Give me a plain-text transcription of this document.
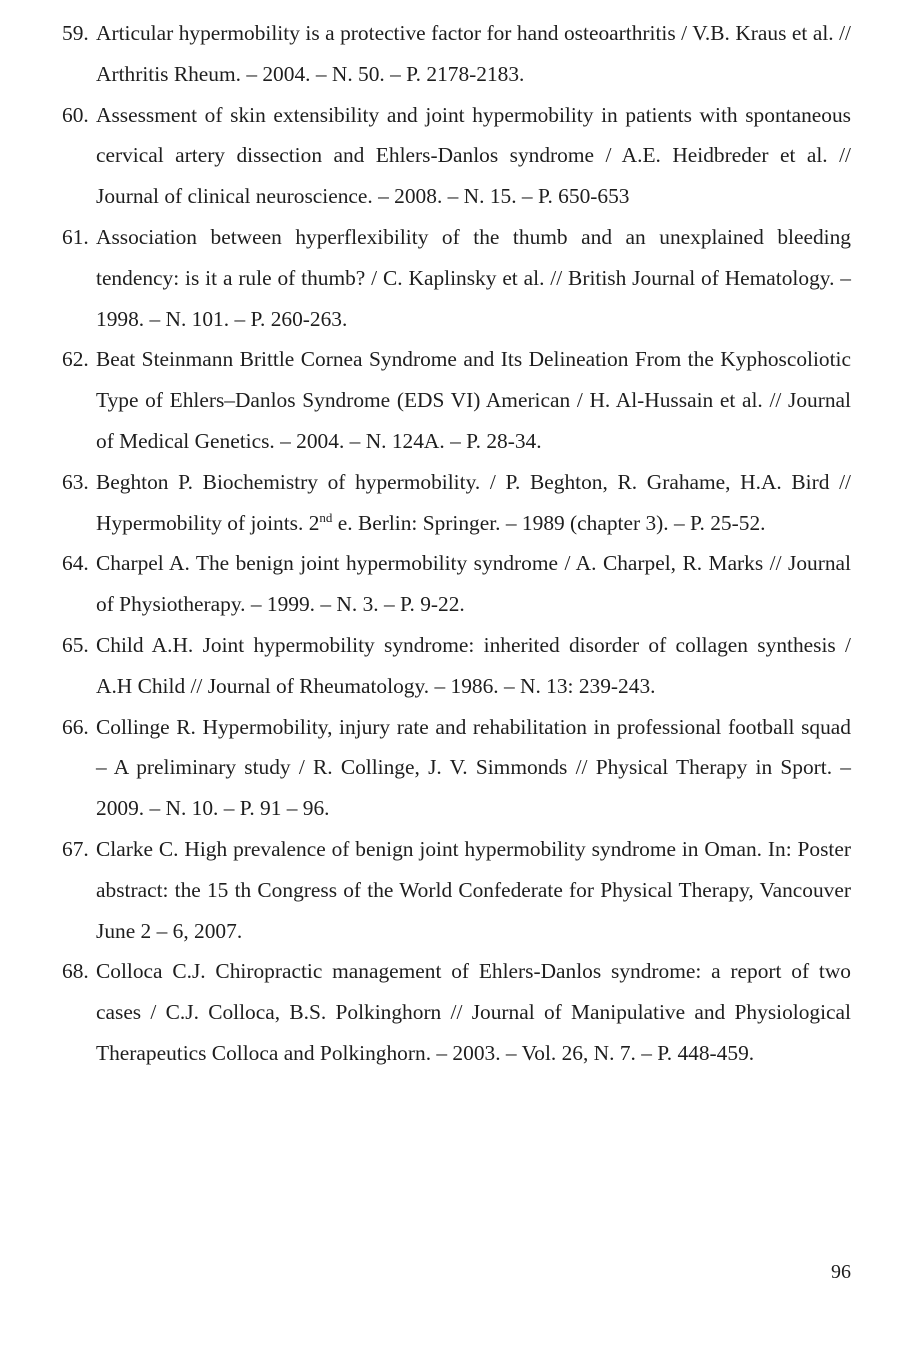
59. Articular hypermobility is a protective factor for hand osteoarthritis / V.B. Kraus et al. // Arthritis Rheum. – 2004. – N. 50. – P. 2178-2183.
60. Assessment of skin extensibility and joint hypermobility in patients with spontaneous cervical artery dissection and Ehlers-Danlos syndrome / A.E. Heidbreder et al. // Journal of clinical neuroscience. – 2008. – N. 15. – P. 650-653
61. Association between hyperflexibility of the thumb and an unexplained bleeding tendency: is it a rule of thumb? / C. Kaplinsky et al. // British Journal of Hematology. – 1998. – N. 101. – P. 260-263.
62. Beat Steinmann Brittle Cornea Syndrome and Its Delineation From the Kyphoscoliotic Type of Ehlers–Danlos Syndrome (EDS VI) American / H. Al-Hussain et al. // Journal of Medical Genetics. – 2004. – N. 124A. – P. 28-34.
63. Beghton P. Biochemistry of hypermobility. / P. Beghton, R. Grahame, H.A. Bird // Hypermobility of joints. 2nd e. Berlin: Springer. – 1989 (chapter 3). – P. 25-52.
64. Charpel A. The benign joint hypermobility syndrome / A. Charpel, R. Marks // Journal of Physiotherapy. – 1999. – N. 3. – P. 9-22.
65. Child A.H. Joint hypermobility syndrome: inherited disorder of collagen synthesis / A.H Child // Journal of Rheumatology. – 1986. – N. 13: 239-243.
66. Collinge R. Hypermobility, injury rate and rehabilitation in professional football squad – A preliminary study / R. Collinge, J. V. Simmonds // Physical Therapy in Sport. – 2009. – N. 10. – P. 91 – 96.
67. Clarke C. High prevalence of benign joint hypermobility syndrome in Oman. In: Poster abstract: the 15 th Congress of the World Confederate for Physical Therapy, Vancouver June 2 – 6, 2007.
68. Colloca C.J. Chiropractic management of Ehlers-Danlos syndrome: a report of two cases / C.J. Colloca, B.S. Polkinghorn // Journal of Manipulative and Physiological Therapeutics Colloca and Polkinghorn. – 2003. – Vol. 26, N. 7. – P. 448-459.
96
